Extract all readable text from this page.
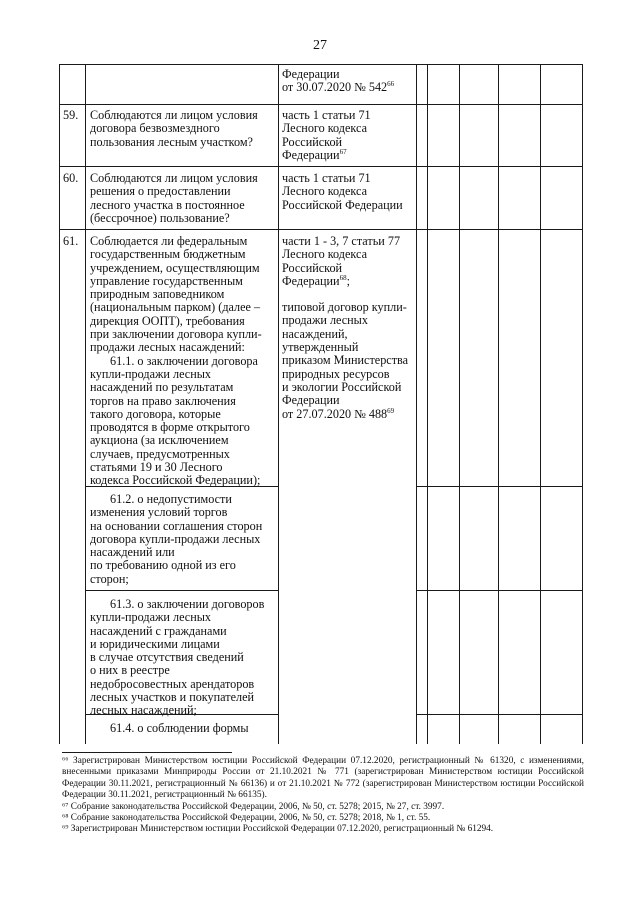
27

Федерации

от 30.07.2020 № $542^{66}$

59. Соблюдаются ли лицом условия

договора безвозмездного

пользования лесным участком?

часть 1 статьи 71

Лесного кодекса

Российской

Федерации$^{67}$

60. Соблюдаются ли лицом условия

решения о предоставлении

лесного участка в постоянное

(бессрочное) пользование?

часть 1 статьи 71

Лесного кодекса

Российской Федерации

61. Соблюдается ли федеральным

государственным бюджетным

учреждением, осуществляющим

управление государственным

природным заповедником

(национальным парком) (далее –

дирекция ООПТ), требования

при заключении договора купли-

продажи лесных насаждений:

61.1. о заключении договора

купли-продажи лесных

насаждений по результатам

торгов на право заключения

такого договора, которые

проводятся в форме открытого

аукциона (за исключением

случаев, предусмотренных

статьями 19 и 30 Лесного

кодекса Российской Федерации);

части 1 - 3, 7 статьи 77

Лесного кодекса

Российской

Федерации$^{68}$;

типовой договор купли-

продажи лесных

насаждений,

утвержденный

приказом Министерства

природных ресурсов

и экологии Российской

Федерации

от 27.07.2020 № $488^{69}$

61.2. о недопустимости

изменения условий торгов

на основании соглашения сторон

договора купли-продажи лесных

насаждений или

по требованию одной из его

сторон;

61.3. о заключении договоров

купли-продажи лесных

насаждений с гражданами

и юридическими лицами

в случае отсутствия сведений

о них в реестре

недобросовестных арендаторов

лесных участков и покупателей

лесных насаждений;

61.4. о соблюдении формы

⁶⁶ Зарегистрирован Министерством юстиции Российской Федерации 07.12.2020, регистрационный № 61320, с изменениями, внесенными приказами Минприроды России от 21.10.2021 № 771 (зарегистрирован Министерством юстиции Российской Федерации 30.11.2021, регистрационный № 66136) и от 21.10.2021 № 772 (зарегистрирован Министерством юстиции Российской Федерации 30.11.2021, регистрационный № 66135).

⁶⁷ Собрание законодательства Российской Федерации, 2006, № 50, ст. 5278; 2015, № 27, ст. 3997.

⁶⁸ Собрание законодательства Российской Федерации, 2006, № 50, ст. 5278; 2018, № 1, ст. 55.

⁶⁹ Зарегистрирован Министерством юстиции Российской Федерации 07.12.2020, регистрационный № 61294.
